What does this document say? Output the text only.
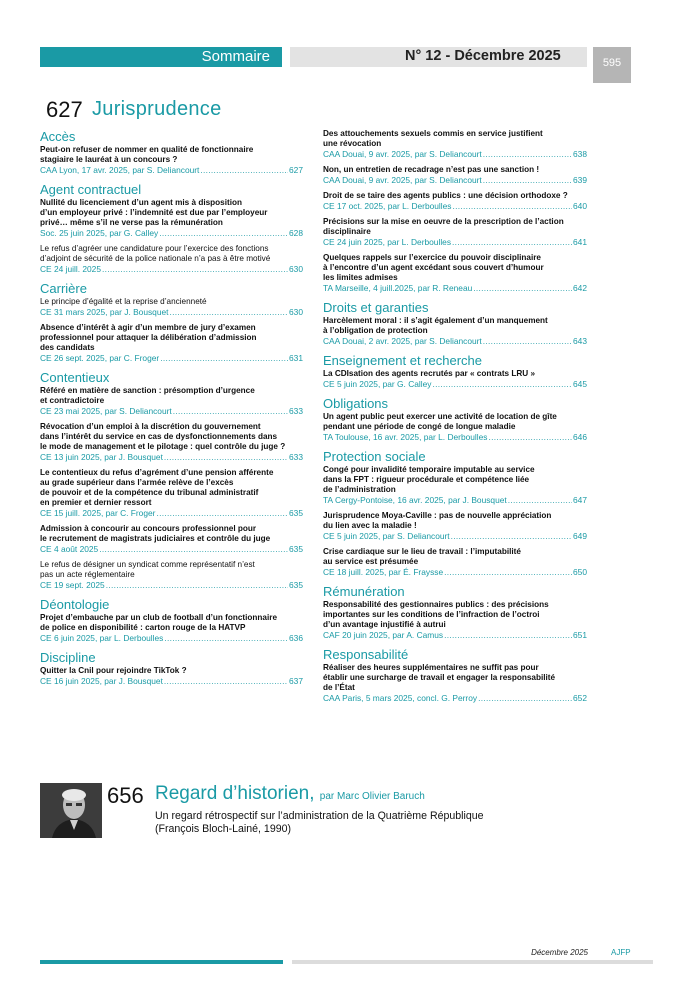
Sommaire	N° 12 - Décembre 2025	595
627 Jurisprudence
Accès
Peut-on refuser de nommer en qualité de fonctionnaire
stagiaire le lauréat à un concours ?
CAA Lyon, 17 avr. 2025, par S. Deliancourt .....	627
Agent contractuel
Nullité du licenciement d’un agent mis à disposition
d’un employeur privé : l’indemnité est due par l’employeur
privé… même s’il ne verse pas la rémunération
Soc. 25 juin 2025, par G. Calley .....	628
Le refus d’agréer une candidature pour l’exercice des fonctions
d’adjoint de sécurité de la police nationale n’a pas à être motivé
CE 24 juill. 2025 .....	630
Carrière
Le principe d’égalité et la reprise d’ancienneté
CE 31 mars 2025, par J. Bousquet .....	630
Absence d’intérêt à agir d’un membre de jury d’examen
professionnel pour attaquer la délibération d’admission
des candidats
CE 26 sept. 2025, par C. Froger .....	631
Contentieux
Référé en matière de sanction : présomption d’urgence
et contradictoire
CE 23 mai 2025, par S. Deliancourt .....	633
Révocation d’un emploi à la discrétion du gouvernement
dans l’intérêt du service en cas de dysfonctionnements dans
le mode de management et le pilotage : quel contrôle du juge ?
CE 13 juin 2025, par J. Bousquet .....	633
Le contentieux du refus d’agrément d’une pension afférente
au grade supérieur dans l’armée relève de l’excès
de pouvoir et de la compétence du tribunal administratif
en premier et dernier ressort
CE 15 juill. 2025, par C. Froger .....	635
Admission à concourir au concours professionnel pour
le recrutement de magistrats judiciaires et contrôle du juge
CE 4 août 2025 .....	635
Le refus de désigner un syndicat comme représentatif n’est
pas un acte réglementaire
CE 19 sept. 2025 .....	635
Déontologie
Projet d’embauche par un club de football d’un fonctionnaire
de police en disponibilité : carton rouge de la HATVP
CE 6 juin 2025, par L. Derboulles .....	636
Discipline
Quitter la Cnil pour rejoindre TikTok ?
CE 16 juin 2025, par J. Bousquet .....	637
Des attouchements sexuels commis en service justifient
une révocation
CAA Douai, 9 avr. 2025, par S. Deliancourt .....	638
Non, un entretien de recadrage n’est pas une sanction !
CAA Douai, 9 avr. 2025, par S. Deliancourt .....	639
Droit de se taire des agents publics : une décision orthodoxe ?
CE 17 oct. 2025, par L. Derboulles .....	640
Précisions sur la mise en oeuvre de la prescription de l’action
disciplinaire
CE 24 juin 2025, par L. Derboulles .....	641
Quelques rappels sur l’exercice du pouvoir disciplinaire
à l’encontre d’un agent excédant sous couvert d’humour
les limites admises
TA Marseille, 4 juill.2025, par R. Reneau .....	642
Droits et garanties
Harcèlement moral : il s’agit également d’un manquement
à l’obligation de protection
CAA Douai, 2 avr. 2025, par S. Deliancourt .....	643
Enseignement et recherche
La CDIsation des agents recrutés par « contrats LRU »
CE 5 juin 2025, par G. Calley .....	645
Obligations
Un agent public peut exercer une activité de location de gîte
pendant une période de congé de longue maladie
TA Toulouse, 16 avr. 2025, par L. Derboulles .....	646
Protection sociale
Congé pour invalidité temporaire imputable au service
dans la FPT : rigueur procédurale et compétence liée
de l’administration
TA Cergy-Pontoise, 16 avr. 2025, par J. Bousquet .....	647
Jurisprudence Moya-Caville : pas de nouvelle appréciation
du lien avec la maladie !
CE 5 juin 2025, par S. Deliancourt .....	649
Crise cardiaque sur le lieu de travail : l’imputabilité
au service est présumée
CE 18 juill. 2025, par É. Fraysse .....	650
Rémunération
Responsabilité des gestionnaires publics : des précisions
importantes sur les conditions de l’infraction de l’octroi
d’un avantage injustifié à autrui
CAF 20 juin 2025, par A. Camus .....	651
Responsabilité
Réaliser des heures supplémentaires ne suffit pas pour
établir une surcharge de travail et engager la responsabilité
de l’État
CAA Paris, 5 mars 2025, concl. G. Perroy .....	652
656 Regard d’historien, par Marc Olivier Baruch
Un regard rétrospectif sur l’administration de la Quatrième République
(François Bloch-Lainé, 1990)
Décembre 2025	AJFP
